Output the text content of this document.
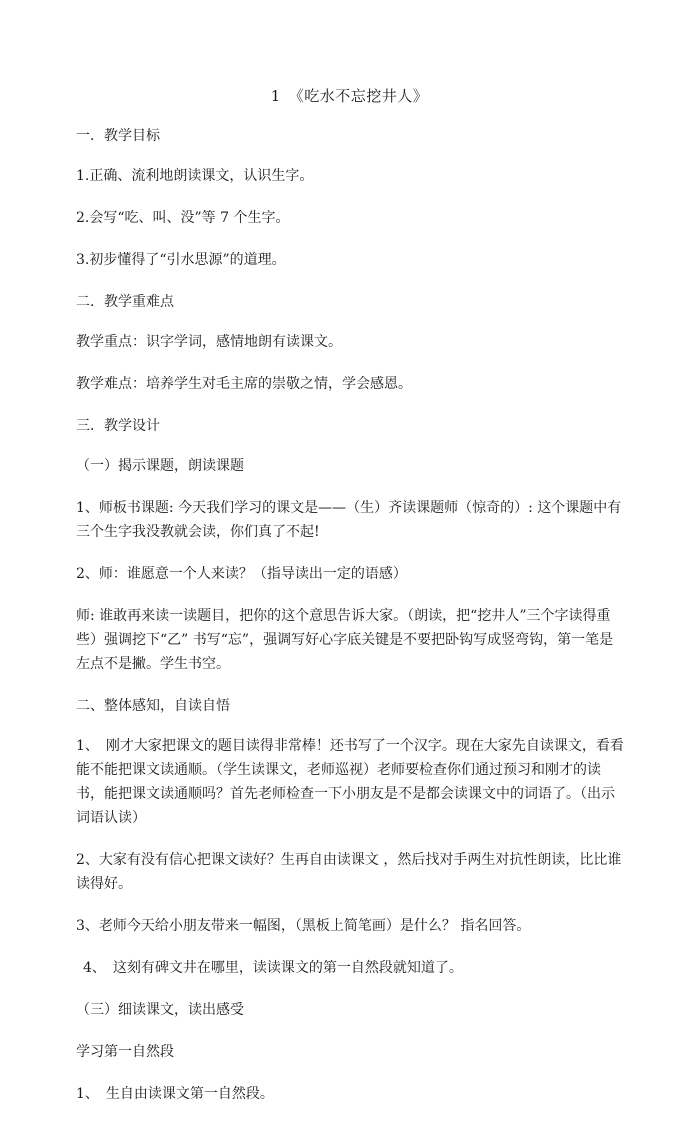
1　《吃水不忘挖井人》

一．教学目标

1.正确、流利地朗读课文，认识生字。

2.会写“吃、叫、没”等 7 个生字。

3.初步懂得了“引水思源”的道理。

二．教学重难点

教学重点：识字学词，感情地朗有读课文。

教学难点：培养学生对毛主席的崇敬之情，学会感恩。

三．教学设计

（一）揭示课题，朗读课题

1、师板书课题: 今天我们学习的课文是——（生）齐读课题师（惊奇的）: 这个课题中有三个生字我没教就会读，你们真了不起!

2、师：谁愿意一个人来读？（指导读出一定的语感）

师: 谁敢再来读一读题目，把你的这个意思告诉大家。（朗读，把“挖井人”三个字读得重些）强调挖下“乙” 书写“忘”，强调写好心字底关键是不要把卧钩写成竖弯钩，第一笔是左点不是撇。学生书空。

二、整体感知，自读自悟

1、　刚才大家把课文的题目读得非常棒！还书写了一个汉字。现在大家先自读课文，看看能不能把课文读通顺。（学生读课文，老师巡视）老师要检查你们通过预习和刚才的读书，能把课文读通顺吗？首先老师检查一下小朋友是不是都会读课文中的词语了。（出示词语认读）

2、大家有没有信心把课文读好？生再自由读课文 ，然后找对手两生对抗性朗读，比比谁读得好。

3、老师今天给小朋友带来一幅图，（黑板上简笔画）是什么？ 指名回答。

4、　这刻有碑文井在哪里，读读课文的第一自然段就知道了。

（三）细读课文，读出感受

学习第一自然段

1、　生自由读课文第一自然段。
